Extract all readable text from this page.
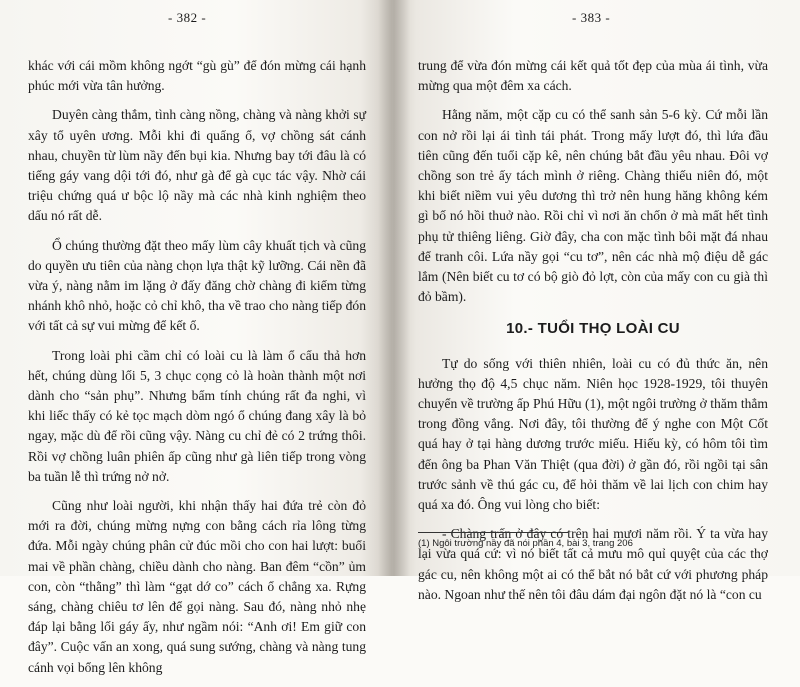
- 382 -

khác với cái mồm không ngớt “gù gù” để đón mừng cái hạnh phúc mới vừa tân hưởng.

Duyên càng thắm, tình càng nồng, chàng và nàng khởi sự xây tổ uyên ương. Mỗi khi đi quẩng ổ, vợ chồng sát cánh nhau, chuyền từ lùm nầy đến bụi kia. Nhưng bay tới đâu là có tiếng gáy vang dội tới đó, như gà để gà cục tác vậy. Nhờ cái triệu chứng quá ư bộc lộ nầy mà các nhà kinh nghiệm theo dấu nó rất dễ.

Ổ chúng thường đặt theo mấy lùm cây khuất tịch và cũng do quyền ưu tiên của nàng chọn lựa thật kỹ lưỡng. Cái nền đã vừa ý, nàng nằm im lặng ở đấy đăng chờ chàng đi kiếm từng nhánh khô nhỏ, hoặc cỏ chỉ khô, tha về trao cho nàng tiếp đón với tất cả sự vui mừng để kết ổ.

Trong loài phi cầm chỉ có loài cu là làm ổ cẩu thả hơn hết, chúng dùng lối 5, 3 chục cọng cỏ là hoàn thành một nơi dành cho “sản phụ”. Nhưng bẩm tính chúng rất đa nghi, vì khi liếc thấy có kẻ tọc mạch dòm ngó ổ chúng đang xây là bỏ ngay, mặc dù để rồi cũng vậy. Nàng cu chỉ đẻ có 2 trứng thôi. Rồi vợ chồng luân phiên ấp cũng như gà liên tiếp trong vòng ba tuần lễ thì trứng nở nở.

Cũng như loài người, khi nhận thấy hai đứa trẻ còn đỏ mới ra đời, chúng mừng nựng con bằng cách rỉa lông từng đứa. Mỗi ngày chúng phân cử đúc mồi cho con hai lượt: buổi mai về phần chàng, chiều dành cho nàng. Ban đêm “cồn” ủm con, còn “thằng” thì làm “gạt dớ co” cách ổ chẳng xa. Rựng sáng, chàng chiêu tơ lên để gọi nàng. Sau đó, nàng nhỏ nhẹ đáp lại bằng lối gáy ấy, như ngầm nói: “Anh ơi! Em giữ con đây”. Cuộc vấn an xong, quá sung sướng, chàng và nàng tung cánh vọi bổng lên không

- 383 -

trung để vừa đón mừng cái kết quả tốt đẹp của mùa ái tình, vừa mừng qua một đêm xa cách.

Hằng năm, một cặp cu có thể sanh sản 5-6 kỳ. Cứ mỗi lần con nở rồi lại ái tình tái phát. Trong mấy lượt đó, thì lứa đầu tiên cũng đến tuổi cặp kê, nên chúng bắt đầu yêu nhau. Đôi vợ chồng son trẻ ấy tách mình ở riêng. Chàng thiếu niên đó, một khi biết niềm vui yêu dương thì trở nên hung hăng không kém gì bố nó hồi thuở nào. Rồi chỉ vì nơi ăn chốn ở mà mất hết tình phụ tử thiêng liêng. Giờ đây, cha con mặc tình bôi mặt đá nhau để tranh côi. Lứa nầy gọi “cu tơ”, nên các nhà mộ điệu dễ gác lắm (Nên biết cu tơ có bộ giò đỏ lợt, còn của mấy con cu già thì đỏ bầm).

10.- TUỔI THỌ LOÀI CU

Tự do sống với thiên nhiên, loài cu có đủ thức ăn, nên hưởng thọ độ 4,5 chục năm. Niên học 1928-1929, tôi thuyên chuyển về trường ấp Phú Hữu (1), một ngôi trường ở thăm thẳm trong đồng vắng. Nơi đây, tôi thường để ý nghe con Một Cốt quá hay ở tại hàng dương trước miếu. Hiếu kỳ, có hôm tôi tìm đến ông ba Phan Văn Thiệt (qua đời) ở gần đó, rồi ngồi tại sân trước sảnh về thú gác cu, để hỏi thăm về lai lịch con chim hay quá xa đó. Ông vui lòng cho biết:

- Chàng trấn ở đây có trên hai mươi năm rồi. Ý ta vừa hay lại vừa quá cứ: vì nó biết tất cả mưu mô quỉ quyệt của các thợ gác cu, nên không một ai có thể bắt nó bắt cứ với phương pháp nào. Ngoan như thế nên tôi đâu dám đại ngôn đặt nó là “con cu

(1) Ngôi trường nầy đã nói phần 4, bài 3, trang 206
